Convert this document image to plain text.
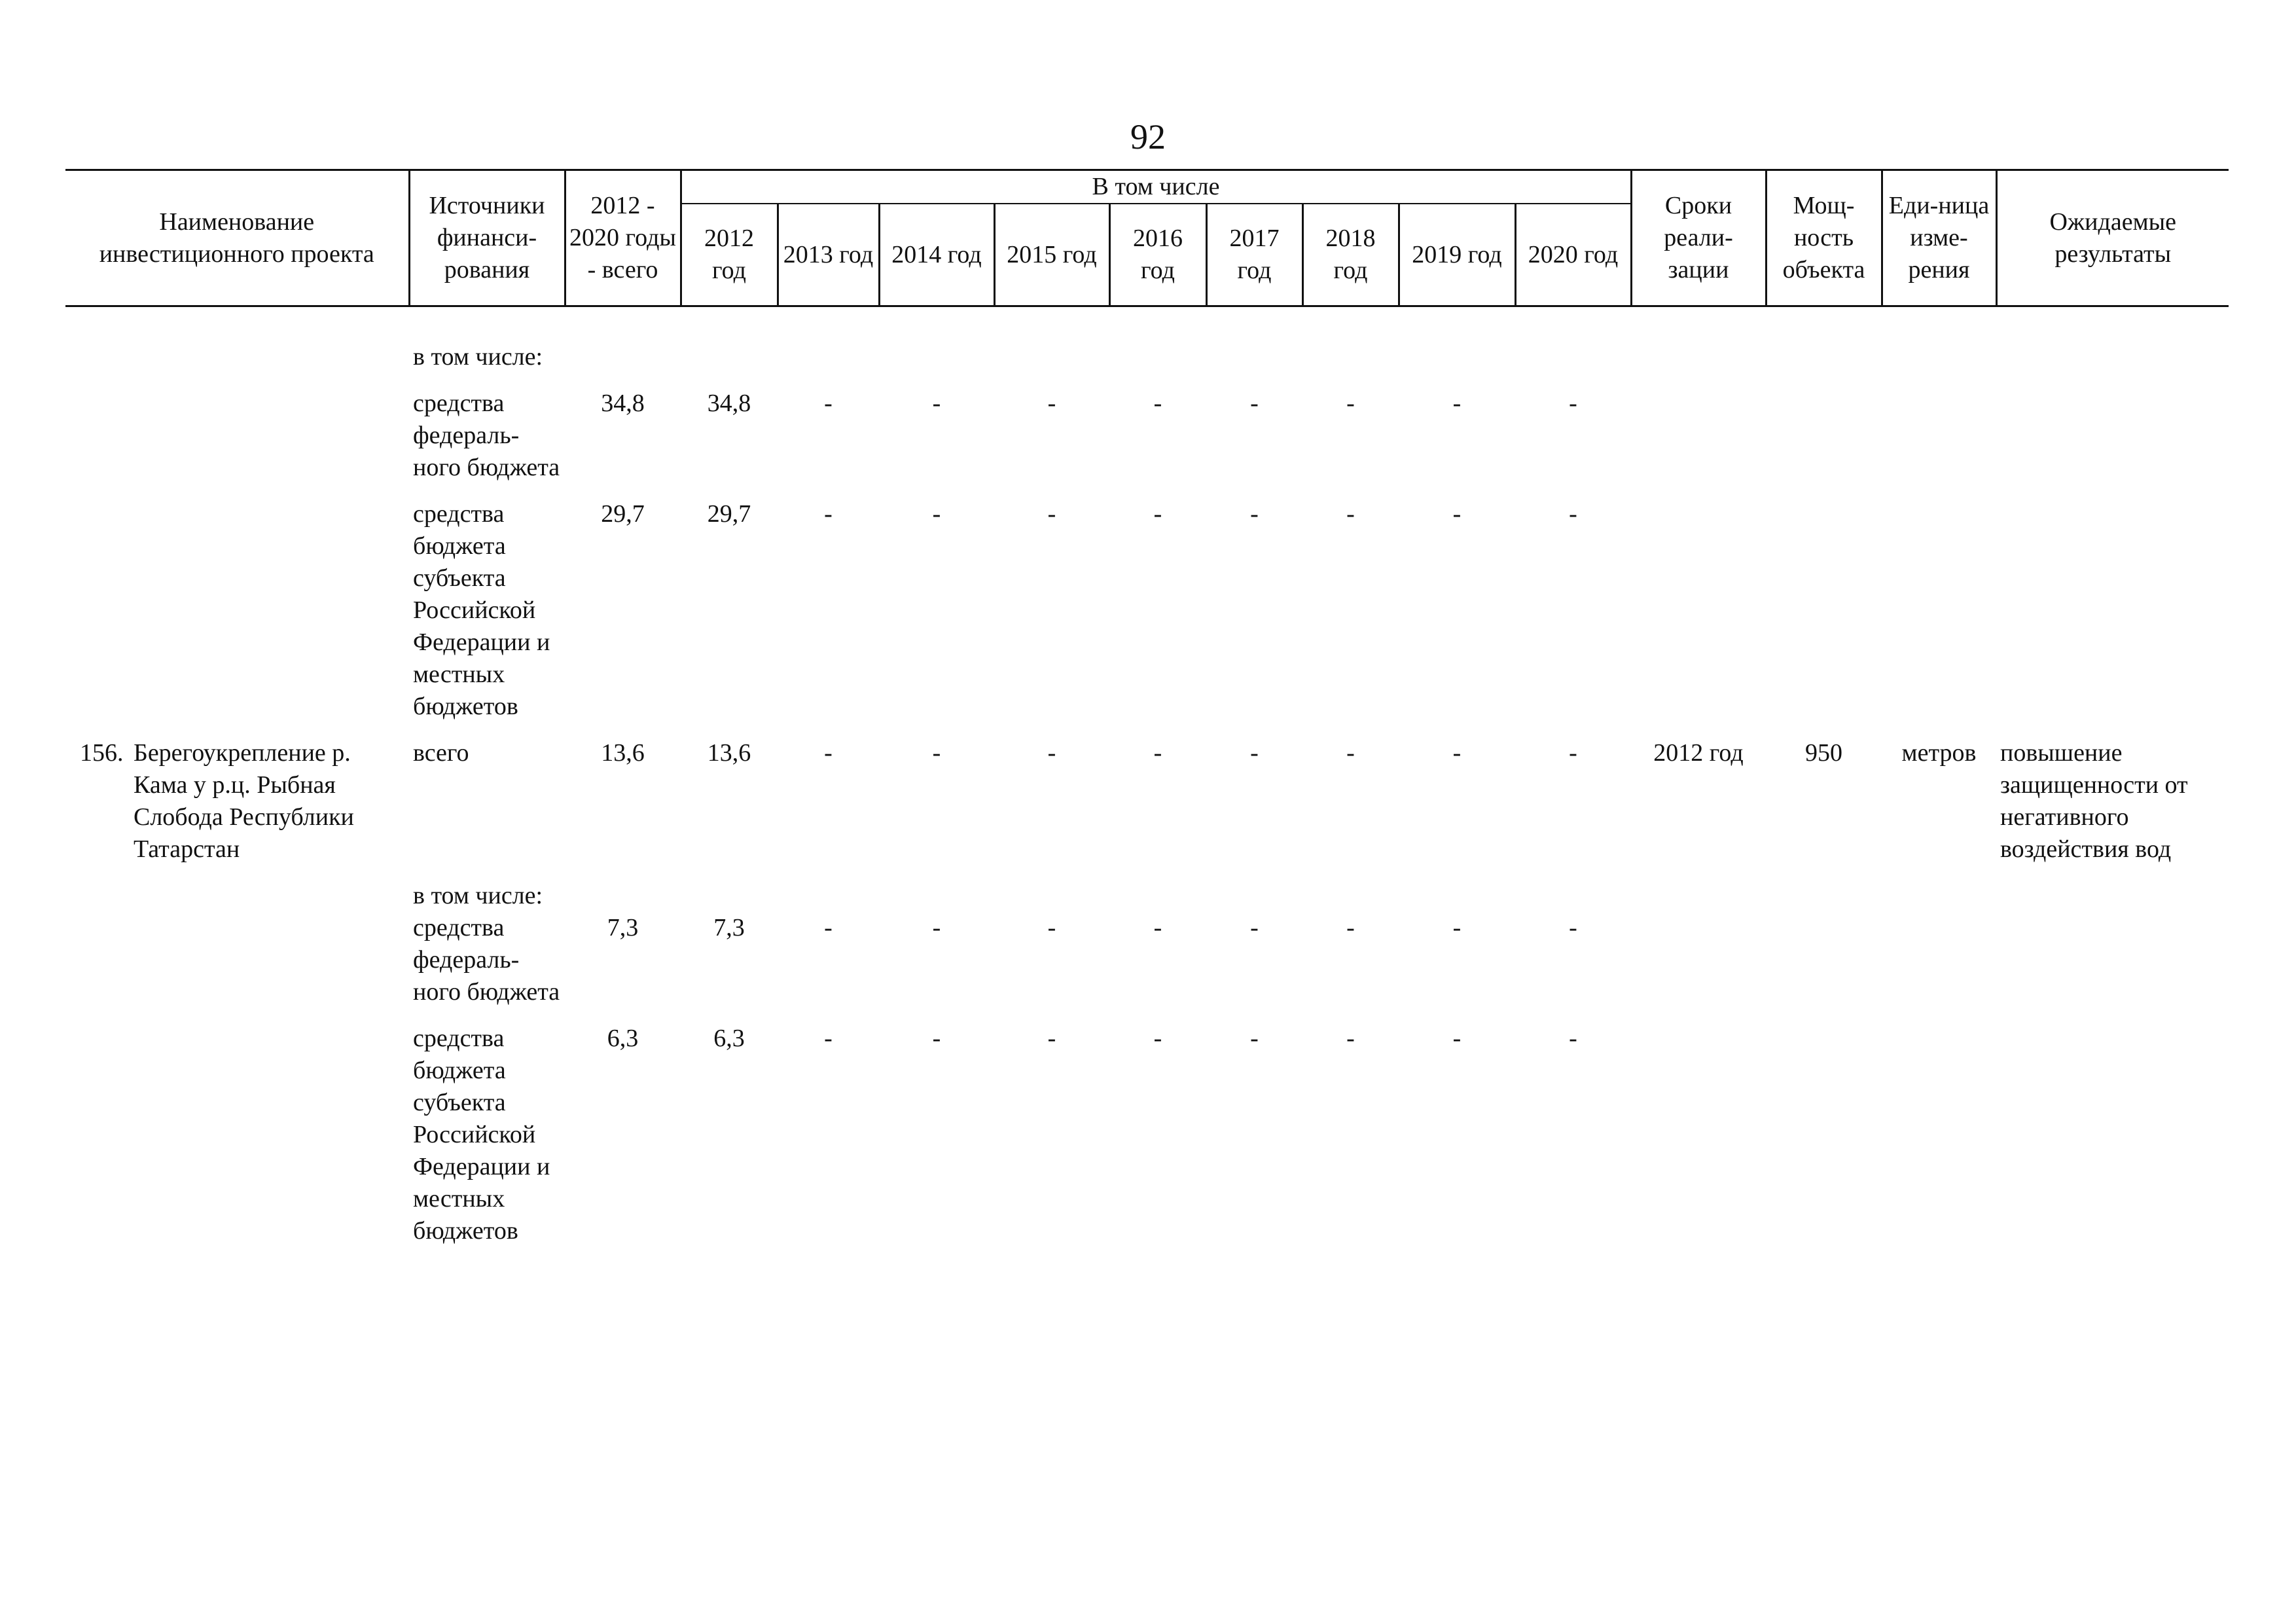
92
Наименование инвестиционного проекта	Источники финанси-рования	2012 - 2020 годы - всего	В том числе									Сроки реали-зации	Мощ-ность объекта	Еди-ница изме-рения	Ожидаемые результаты
			2012 год	2013 год	2014 год	2015 год	2016 год	2017 год	2018 год	2019 год	2020 год				

	в том числе:														
	средства федераль-ного бюджета	34,8	34,8	-	-	-	-	-	-	-	-				
	средства бюджета субъекта Российской Федерации и местных бюджетов	29,7	29,7	-	-	-	-	-	-	-	-				
156. Берегоукрепление р. Кама у р.ц. Рыбная Слобода Республики Татарстан	всего	13,6	13,6	-	-	-	-	-	-	-	-	2012 год	950	метров	повышение защищенности от негативного воздействия вод
	в том числе: средства федераль-ного бюджета	7,3	7,3	-	-	-	-	-	-	-	-				
	средства бюджета субъекта Российской Федерации и местных бюджетов	6,3	6,3	-	-	-	-	-	-	-	-				
